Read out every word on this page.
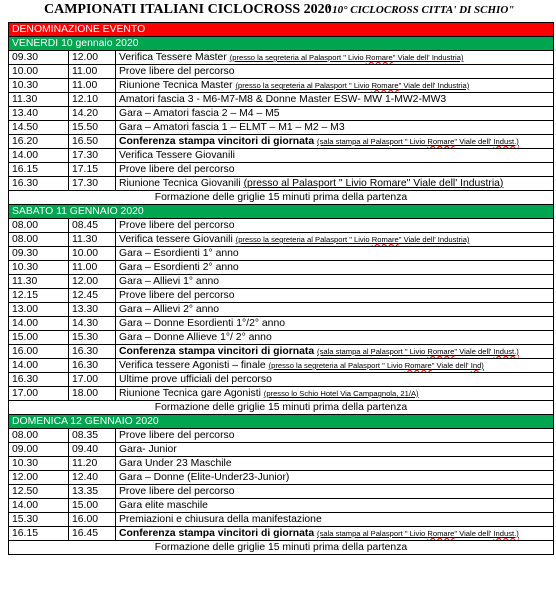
CAMPIONATI ITALIANI CICLOCROSS 2020
"10° CICLOCROSS CITTA' DI SCHIO"
DENOMINAZIONE EVENTO		
VENERDI 10 gennaio 2020		
09.30	12.00	Verifica Tessere Master (presso la segreteria al Palasport " Livio Romare" Viale dell' Industria)
10.00	11.00	Prove libere del percorso
10.30	11.00	Riunione Tecnica Master (presso la segreteria al Palasport " Livio Romare" Viale dell' Industria)
11.30	12.10	Amatori fascia 3 - M6-M7-M8 & Donne Master ESW- MW 1-MW2-MW3
13.40	14.20	Gara – Amatori fascia 2 – M4 – M5
14.50	15.50	Gara – Amatori fascia 1 – ELMT – M1 – M2 – M3
16.20	16.50	Conferenza stampa vincitori di giornata (sala stampa al Palasport " Livio Romare" Viale dell' Indust.)
14.00	17.30	Verifica Tessere Giovanili
16.15	17.15	Prove libere del percorso
16.30	17.30	Riunione Tecnica Giovanili (presso al Palasport " Livio Romare" Viale dell' Industria)
Formazione delle griglie 15 minuti prima della partenza		
SABATO 11 GENNAIO 2020		
08.00	08.45	Prove libere del percorso
08.00	11.30	Verifica tessere Giovanili (presso la segreteria al Palasport " Livio Romare" Viale dell' Industria)
09.30	10.00	Gara – Esordienti 1° anno
10.30	11.00	Gara – Esordienti 2° anno
11.30	12.00	Gara – Allievi 1° anno
12.15	12.45	Prove libere del percorso
13.00	13.30	Gara – Allievi 2° anno
14.00	14.30	Gara – Donne Esordienti 1°/2° anno
15.00	15.30	Gara – Donne Allieve 1°/ 2° anno
16.00	16.30	Conferenza stampa vincitori di giornata (sala stampa al Palasport " Livio Romare" Viale dell' Indust.)
14.00	16.30	Verifica tessere Agonisti – finale (presso la segreteria al Palasport " Livio Romare" Viale dell' Ind)
16.30	17.00	Ultime prove ufficiali del percorso
17.00	18.00	Riunione Tecnica gare Agonisti (presso lo Schio Hotel Via Campagnola, 21/A)
Formazione delle griglie 15 minuti prima della partenza		
DOMENICA 12 GENNAIO 2020		
08.00	08.35	Prove libere del percorso
09.00	09.40	Gara- Junior
10.30	11.20	Gara Under 23 Maschile
12.00	12.40	Gara – Donne (Elite-Under23-Junior)
12.50	13.35	Prove libere del percorso
14.00	15.00	Gara elite maschile
15.30	16.00	Premiazioni e chiusura della manifestazione
16.15	16.45	Conferenza stampa vincitori di giornata (sala stampa al Palasport " Livio Romare" Viale dell' Indust.)
Formazione delle griglie 15 minuti prima della partenza		
